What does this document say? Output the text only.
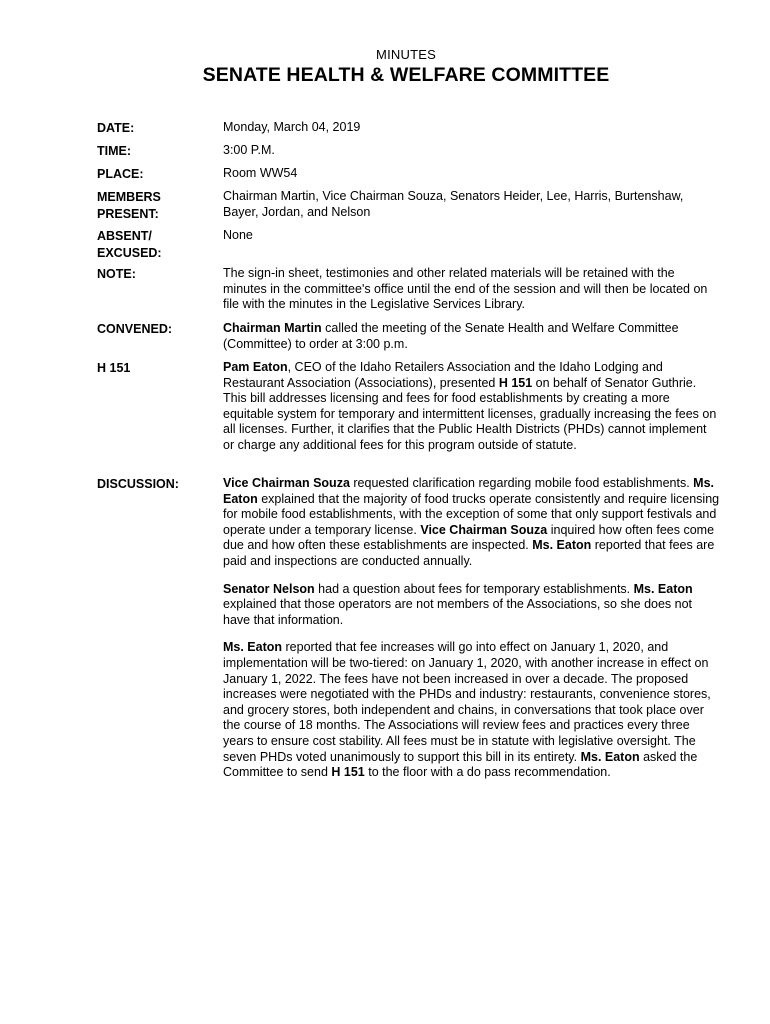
MINUTES
SENATE HEALTH & WELFARE COMMITTEE
DATE:	Monday, March 04, 2019
TIME:	3:00 P.M.
PLACE:	Room WW54
MEMBERS
PRESENT:
Chairman Martin, Vice Chairman Souza, Senators Heider, Lee, Harris, Burtenshaw, Bayer, Jordan, and Nelson
ABSENT/
EXCUSED:
None
NOTE:	The sign-in sheet, testimonies and other related materials will be retained with the minutes in the committee's office until the end of the session and will then be located on file with the minutes in the Legislative Services Library.
CONVENED:	Chairman Martin called the meeting of the Senate Health and Welfare Committee (Committee) to order at 3:00 p.m.
H 151	Pam Eaton, CEO of the Idaho Retailers Association and the Idaho Lodging and Restaurant Association (Associations), presented H 151 on behalf of Senator Guthrie. This bill addresses licensing and fees for food establishments by creating a more equitable system for temporary and intermittent licenses, gradually increasing the fees on all licenses. Further, it clarifies that the Public Health Districts (PHDs) cannot implement or charge any additional fees for this program outside of statute.
DISCUSSION:	Vice Chairman Souza requested clarification regarding mobile food establishments. Ms. Eaton explained that the majority of food trucks operate consistently and require licensing for mobile food establishments, with the exception of some that only support festivals and operate under a temporary license. Vice Chairman Souza inquired how often fees come due and how often these establishments are inspected. Ms. Eaton reported that fees are paid and inspections are conducted annually.

Senator Nelson had a question about fees for temporary establishments. Ms. Eaton explained that those operators are not members of the Associations, so she does not have that information.

Ms. Eaton reported that fee increases will go into effect on January 1, 2020, and implementation will be two-tiered: on January 1, 2020, with another increase in effect on January 1, 2022. The fees have not been increased in over a decade. The proposed increases were negotiated with the PHDs and industry: restaurants, convenience stores, and grocery stores, both independent and chains, in conversations that took place over the course of 18 months. The Associations will review fees and practices every three years to ensure cost stability. All fees must be in statute with legislative oversight. The seven PHDs voted unanimously to support this bill in its entirety. Ms. Eaton asked the Committee to send H 151 to the floor with a do pass recommendation.
